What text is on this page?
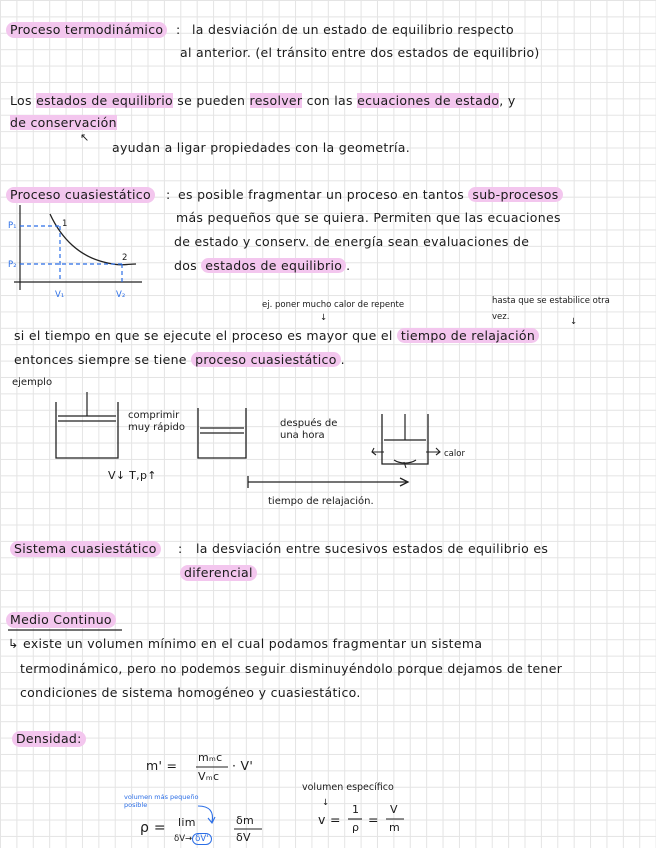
Proceso termodinámico	: la desviación de un estado de equilibrio respecto
al anterior. (el tránsito entre dos estados de equilibrio)
Los estados de equilibrio se pueden resolver con las ecuaciones de estado, y
de conservación
↖
ayudan a ligar propiedades con la geometría.
Proceso cuasiestático	: es posible fragmentar un proceso en tantos sub-procesos
más pequeños que se quiera. Permiten que las ecuaciones
de estado y conserv. de energía sean evaluaciones de
dos estados de equilibrio .
P₁
P₂
V₁	V₂
1
2
ej. poner mucho calor de repente
↓
hasta que se estabilice otra vez.	↓
si el tiempo en que se ejecute el proceso es mayor que el tiempo de relajación
entonces siempre se tiene proceso cuasiestático .
ejemplo
comprimir muy rápido
V↓ T,p↑
después de una hora
calor
tiempo de relajación.
Sistema cuasiestático	: la desviación entre sucesivos estados de equilibrio es
diferencial
Medio Continuo
↳ existe un volumen mínimo en el cual podamos fragmentar un sistema
termodinámico, pero no podemos seguir disminuyéndolo porque dejamos de tener
condiciones de sistema homogéneo y cuasiestático.
Densidad:
m' =
mₘc
Vₘc
· V'
volumen más pequeño posible
ρ = lim
δV→ δV'
δm
δV
volumen específico
↓
v =
1
ρ
=
V
m
